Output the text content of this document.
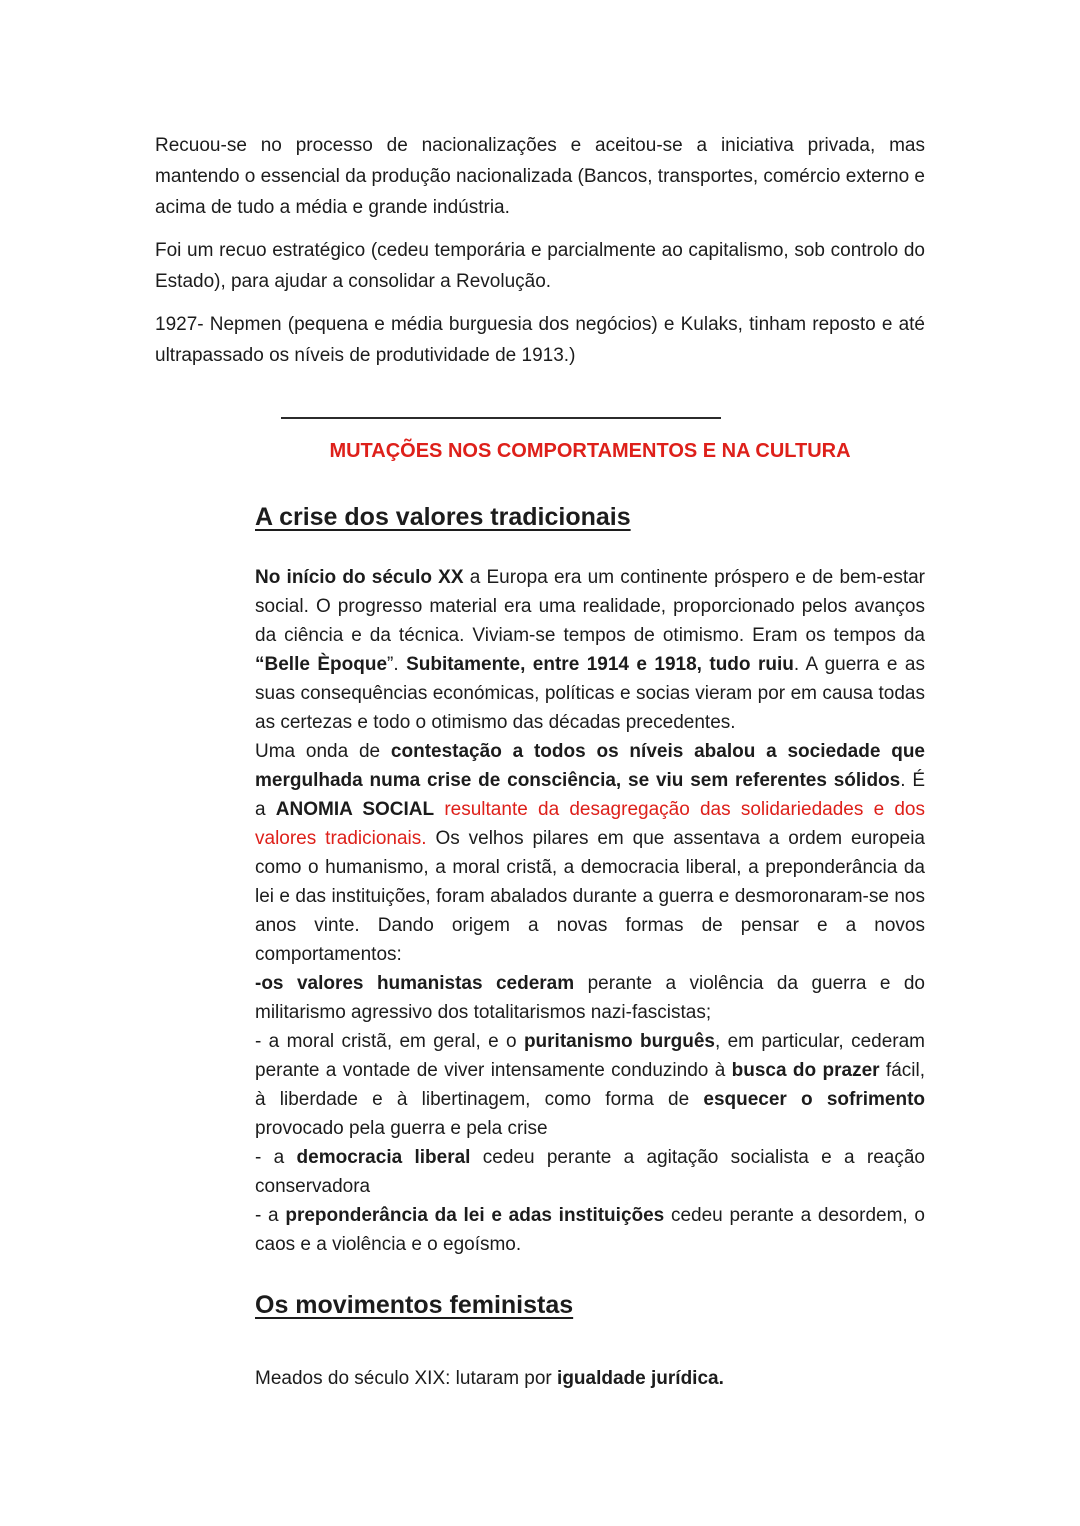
Recuou-se no processo de nacionalizações e aceitou-se a iniciativa privada, mas mantendo o essencial da produção nacionalizada (Bancos, transportes, comércio externo e acima de tudo a média e grande indústria.

Foi um recuo estratégico (cedeu temporária e parcialmente ao capitalismo, sob controlo do Estado), para ajudar a consolidar a Revolução.

1927- Nepmen (pequena e média burguesia dos negócios) e Kulaks, tinham reposto e até ultrapassado os níveis de produtividade de 1913.)

MUTAÇÕES NOS COMPORTAMENTOS E NA CULTURA
A crise dos valores tradicionais

No início do século XX a Europa era um continente próspero e de bem-estar social. O progresso material era uma realidade, proporcionado pelos avanços da ciência e da técnica. Viviam-se tempos de otimismo. Eram os tempos da “Belle Èpoque”. Subitamente, entre 1914 e 1918, tudo ruiu. A guerra e as suas consequências económicas, políticas e socias vieram por em causa todas as certezas e todo o otimismo das décadas precedentes.

Uma onda de contestação a todos os níveis abalou a sociedade que mergulhada numa crise de consciência, se viu sem referentes sólidos. É a ANOMIA SOCIAL resultante da desagregação das solidariedades e dos valores tradicionais. Os velhos pilares em que assentava a ordem europeia como o humanismo, a moral cristã, a democracia liberal, a preponderância da lei e das instituições, foram abalados durante a guerra e desmoronaram-se nos anos vinte. Dando origem a novas formas de pensar e a novos comportamentos:

-os valores humanistas cederam perante a violência da guerra e do militarismo agressivo dos totalitarismos nazi-fascistas;

- a moral cristã, em geral, e o puritanismo burguês, em particular, cederam perante a vontade de viver intensamente conduzindo à busca do prazer fácil, à liberdade e à libertinagem, como forma de esquecer o sofrimento provocado pela guerra e pela crise

- a democracia liberal cedeu perante a agitação socialista e a reação conservadora

- a preponderância da lei e adas instituições cedeu perante a desordem, o caos e a violência e o egoísmo.

Os movimentos feministas

Meados do século XIX: lutaram por igualdade jurídica.
